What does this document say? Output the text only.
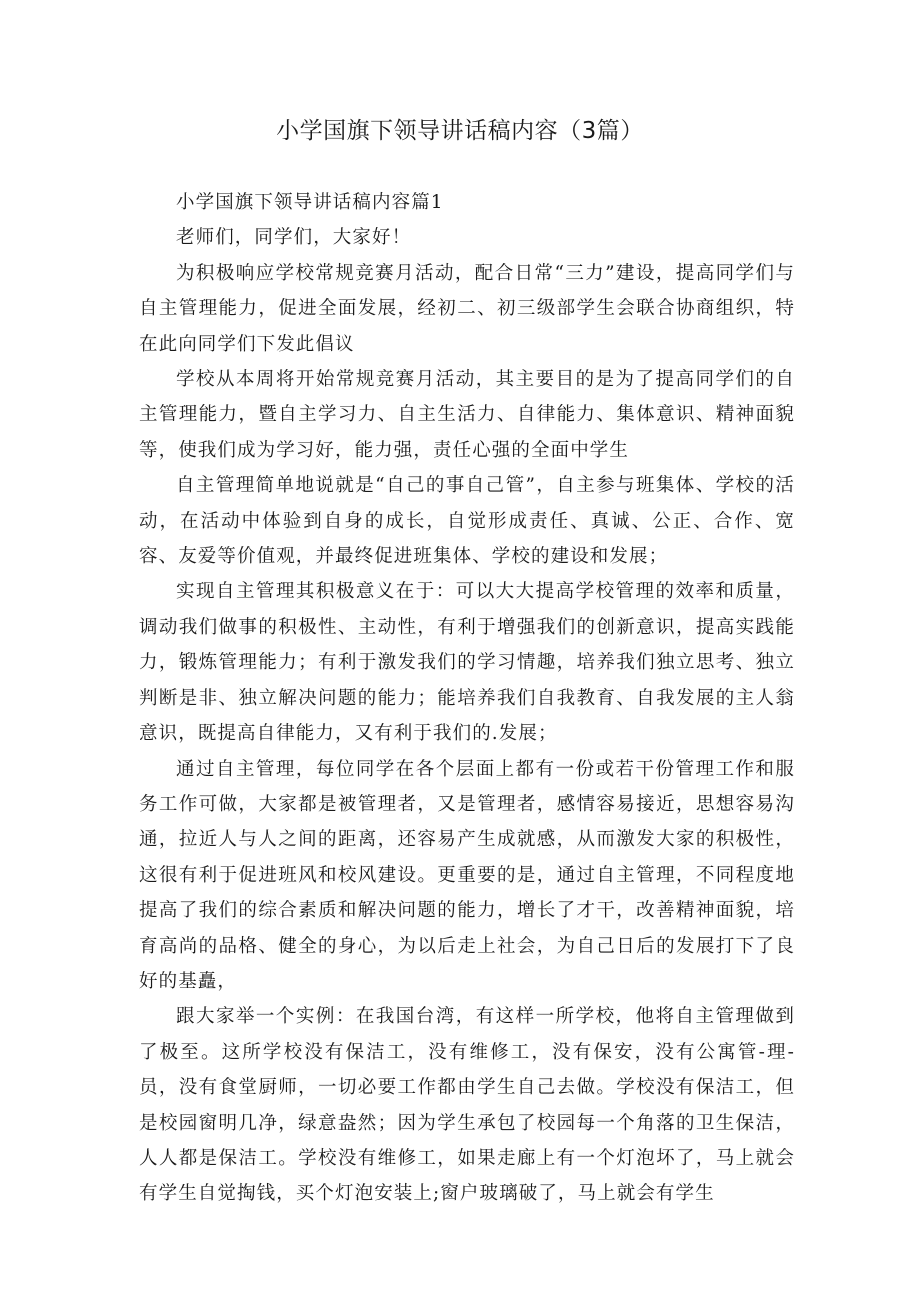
小学国旗下领导讲话稿内容（3篇）
小学国旗下领导讲话稿内容篇1

老师们，同学们，大家好！

为积极响应学校常规竞赛月活动，配合日常“三力”建设，提高同学们与自主管理能力，促进全面发展，经初二、初三级部学生会联合协商组织，特在此向同学们下发此倡议

学校从本周将开始常规竞赛月活动，其主要目的是为了提高同学们的自主管理能力，暨自主学习力、自主生活力、自律能力、集体意识、精神面貌等，使我们成为学习好，能力强，责任心强的全面中学生

自主管理简单地说就是“自己的事自己管”，自主参与班集体、学校的活动，在活动中体验到自身的成长，自觉形成责任、真诚、公正、合作、宽容、友爱等价值观，并最终促进班集体、学校的建设和发展；

实现自主管理其积极意义在于：可以大大提高学校管理的效率和质量，调动我们做事的积极性、主动性，有利于增强我们的创新意识，提高实践能力，锻炼管理能力；有利于激发我们的学习情趣，培养我们独立思考、独立判断是非、独立解决问题的能力；能培养我们自我教育、自我发展的主人翁意识，既提高自律能力，又有利于我们的.发展；

通过自主管理，每位同学在各个层面上都有一份或若干份管理工作和服务工作可做，大家都是被管理者，又是管理者，感情容易接近，思想容易沟通，拉近人与人之间的距离，还容易产生成就感，从而激发大家的积极性，这很有利于促进班风和校风建设。更重要的是，通过自主管理，不同程度地提高了我们的综合素质和解决问题的能力，增长了才干，改善精神面貌，培育高尚的品格、健全的身心，为以后走上社会，为自己日后的发展打下了良好的基矗，

跟大家举一个实例：在我国台湾，有这样一所学校，他将自主管理做到了极至。这所学校没有保洁工，没有维修工，没有保安，没有公寓管-理-员，没有食堂厨师，一切必要工作都由学生自己去做。学校没有保洁工，但是校园窗明几净，绿意盎然；因为学生承包了校园每一个角落的卫生保洁，人人都是保洁工。学校没有维修工，如果走廊上有一个灯泡坏了，马上就会有学生自觉掏钱，买个灯泡安装上;窗户玻璃破了，马上就会有学生
